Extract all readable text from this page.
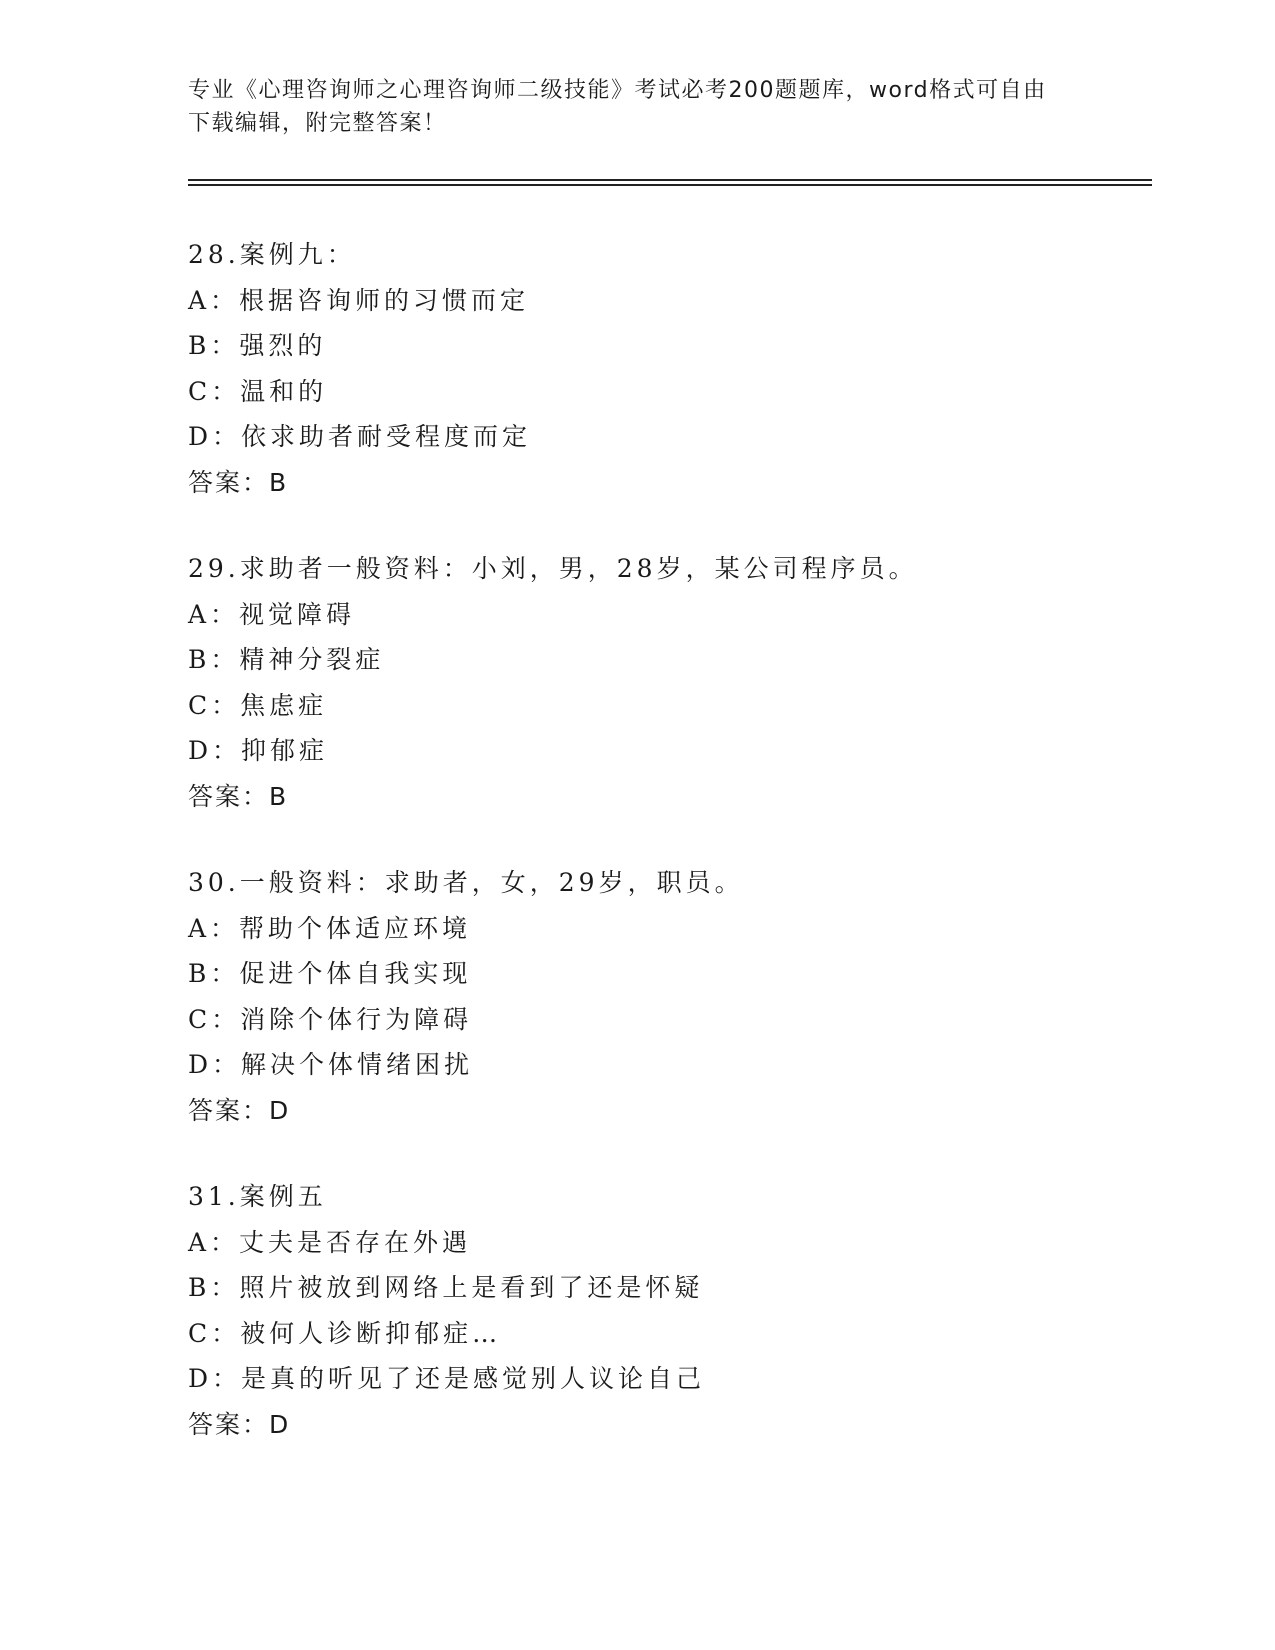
专业《心理咨询师之心理咨询师二级技能》考试必考200题题库，word格式可自由下载编辑，附完整答案！
28.案例九：
A：根据咨询师的习惯而定
B：强烈的
C：温和的
D：依求助者耐受程度而定
答案：B
29.求助者一般资料：小刘，男，28岁，某公司程序员。
A：视觉障碍
B：精神分裂症
C：焦虑症
D：抑郁症
答案：B
30.一般资料：求助者，女，29岁，职员。
A：帮助个体适应环境
B：促进个体自我实现
C：消除个体行为障碍
D：解决个体情绪困扰
答案：D
31.案例五
A：丈夫是否存在外遇
B：照片被放到网络上是看到了还是怀疑
C：被何人诊断抑郁症…
D：是真的听见了还是感觉别人议论自己
答案：D
